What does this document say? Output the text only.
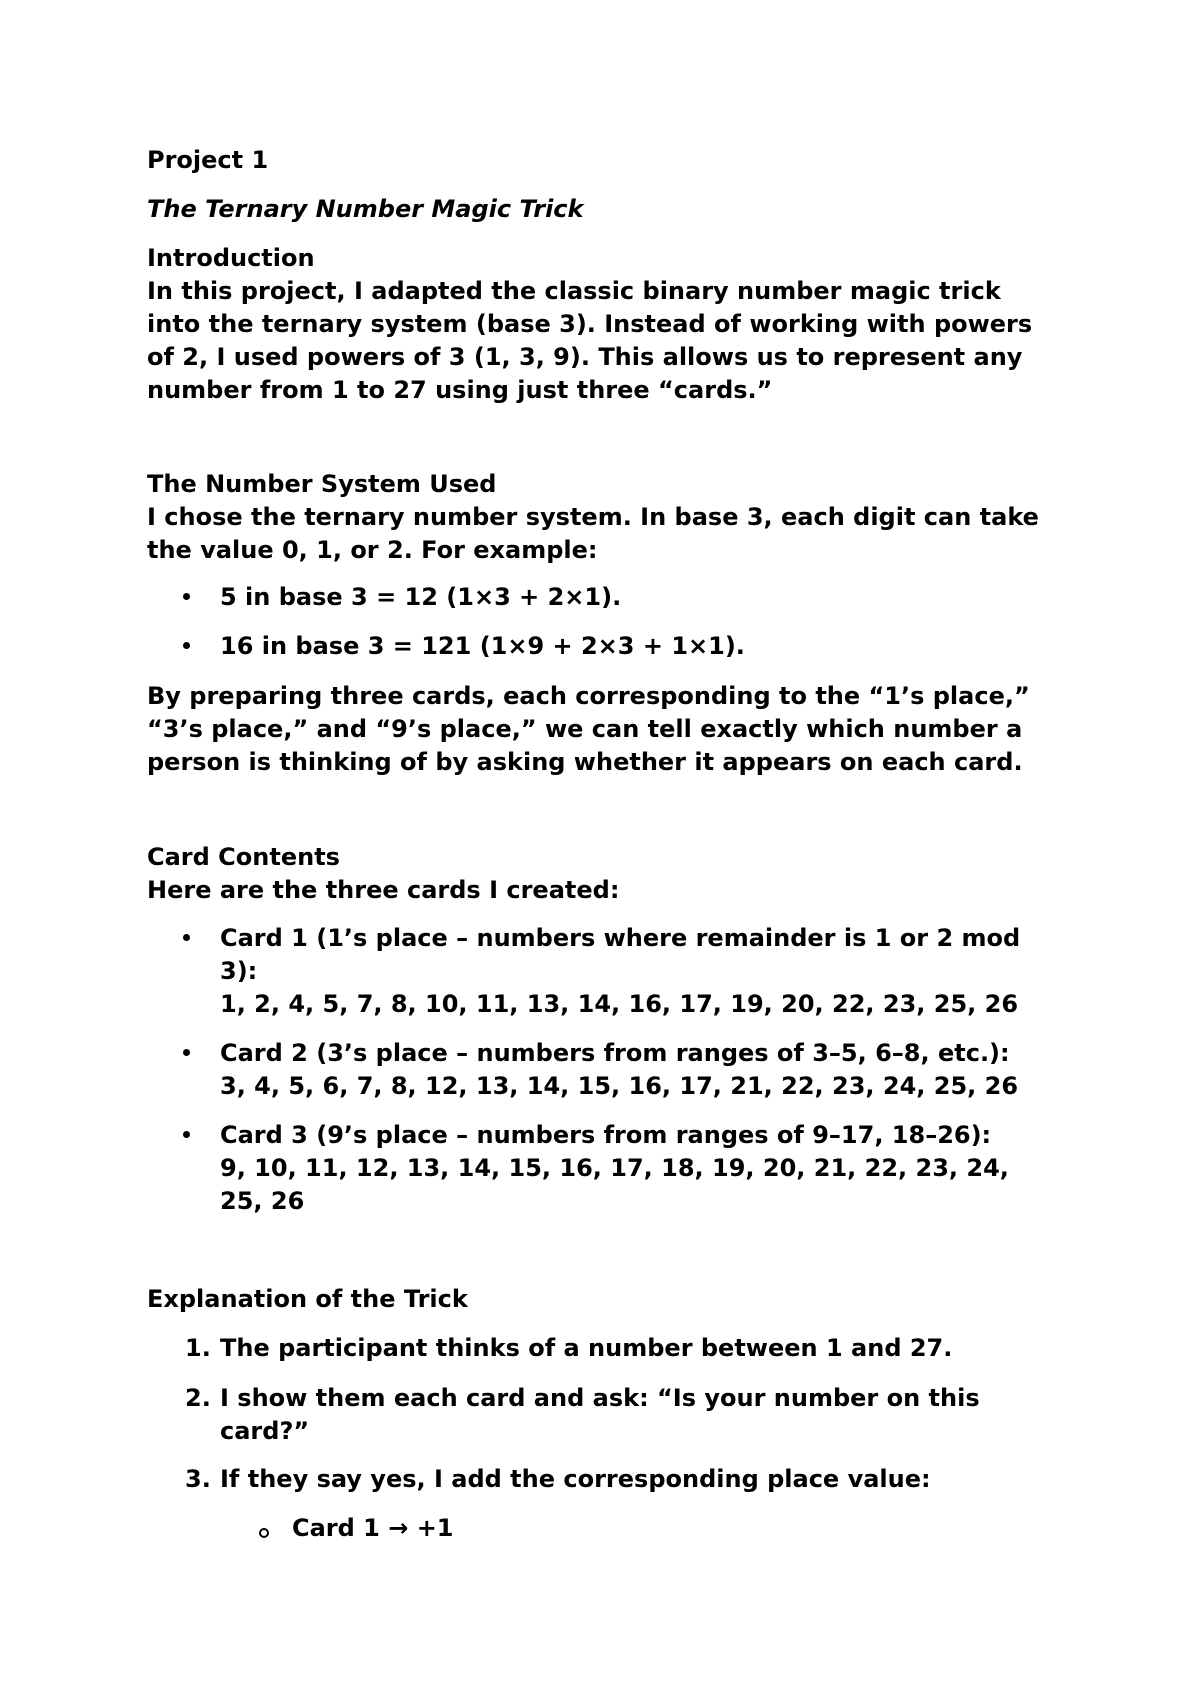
Project 1
The Ternary Number Magic Trick
Introduction
In this project, I adapted the classic binary number magic trick
into the ternary system (base 3). Instead of working with powers
of 2, I used powers of 3 (1, 3, 9). This allows us to represent any
number from 1 to 27 using just three “cards.”
The Number System Used
I chose the ternary number system. In base 3, each digit can take
the value 0, 1, or 2. For example:
5 in base 3 = 12 (1×3 + 2×1).
16 in base 3 = 121 (1×9 + 2×3 + 1×1).
By preparing three cards, each corresponding to the “1’s place,”
“3’s place,” and “9’s place,” we can tell exactly which number a
person is thinking of by asking whether it appears on each card.
Card Contents
Here are the three cards I created:
Card 1 (1’s place – numbers where remainder is 1 or 2 mod
3):
1, 2, 4, 5, 7, 8, 10, 11, 13, 14, 16, 17, 19, 20, 22, 23, 25, 26
Card 2 (3’s place – numbers from ranges of 3–5, 6–8, etc.):
3, 4, 5, 6, 7, 8, 12, 13, 14, 15, 16, 17, 21, 22, 23, 24, 25, 26
Card 3 (9’s place – numbers from ranges of 9–17, 18–26):
9, 10, 11, 12, 13, 14, 15, 16, 17, 18, 19, 20, 21, 22, 23, 24,
25, 26
Explanation of the Trick
1. The participant thinks of a number between 1 and 27.
2. I show them each card and ask: “Is your number on this
card?”
3. If they say yes, I add the corresponding place value:
Card 1 → +1
